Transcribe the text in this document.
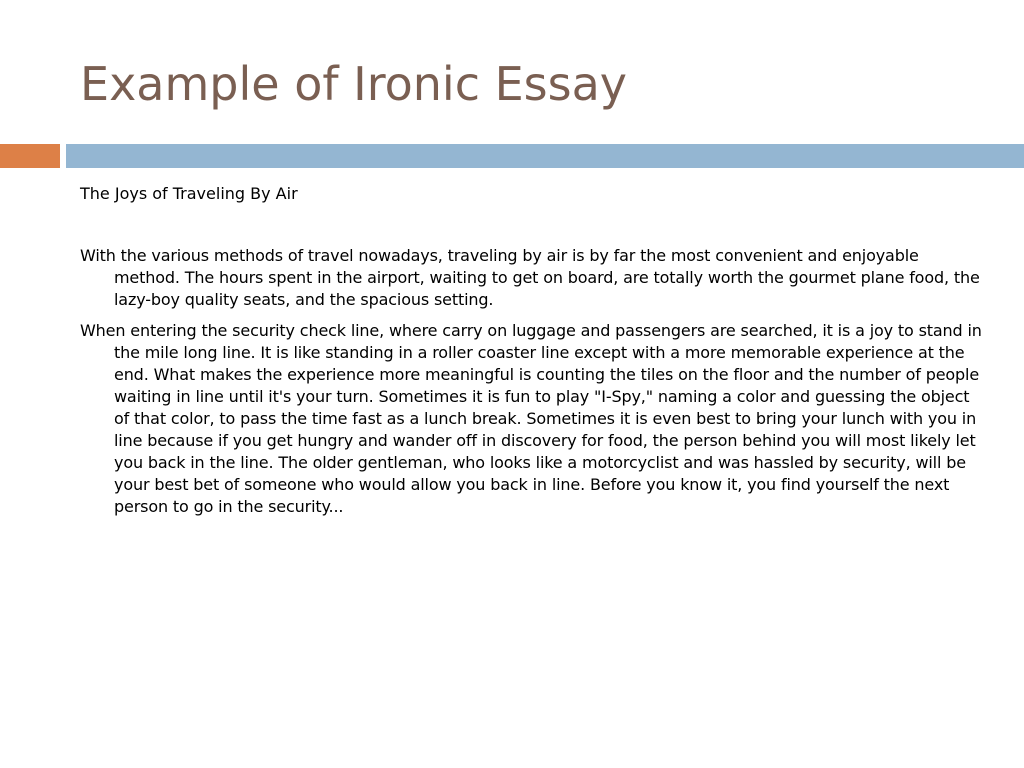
Example of Ironic Essay

The Joys of Traveling By Air

With the various methods of travel nowadays, traveling by air is by far the most convenient and enjoyable method. The hours spent in the airport, waiting to get on board, are totally worth the gourmet plane food, the lazy-boy quality seats, and the spacious setting.

When entering the security check line, where carry on luggage and passengers are searched, it is a joy to stand in the mile long line. It is like standing in a roller coaster line except with a more memorable experience at the end. What makes the experience more meaningful is counting the tiles on the floor and the number of people waiting in line until it's your turn. Sometimes it is fun to play "I-Spy," naming a color and guessing the object of that color, to pass the time fast as a lunch break. Sometimes it is even best to bring your lunch with you in line because if you get hungry and wander off in discovery for food, the person behind you will most likely let you back in the line. The older gentleman, who looks like a motorcyclist and was hassled by security, will be your best bet of someone who would allow you back in line. Before you know it, you find yourself the next person to go in the security...
